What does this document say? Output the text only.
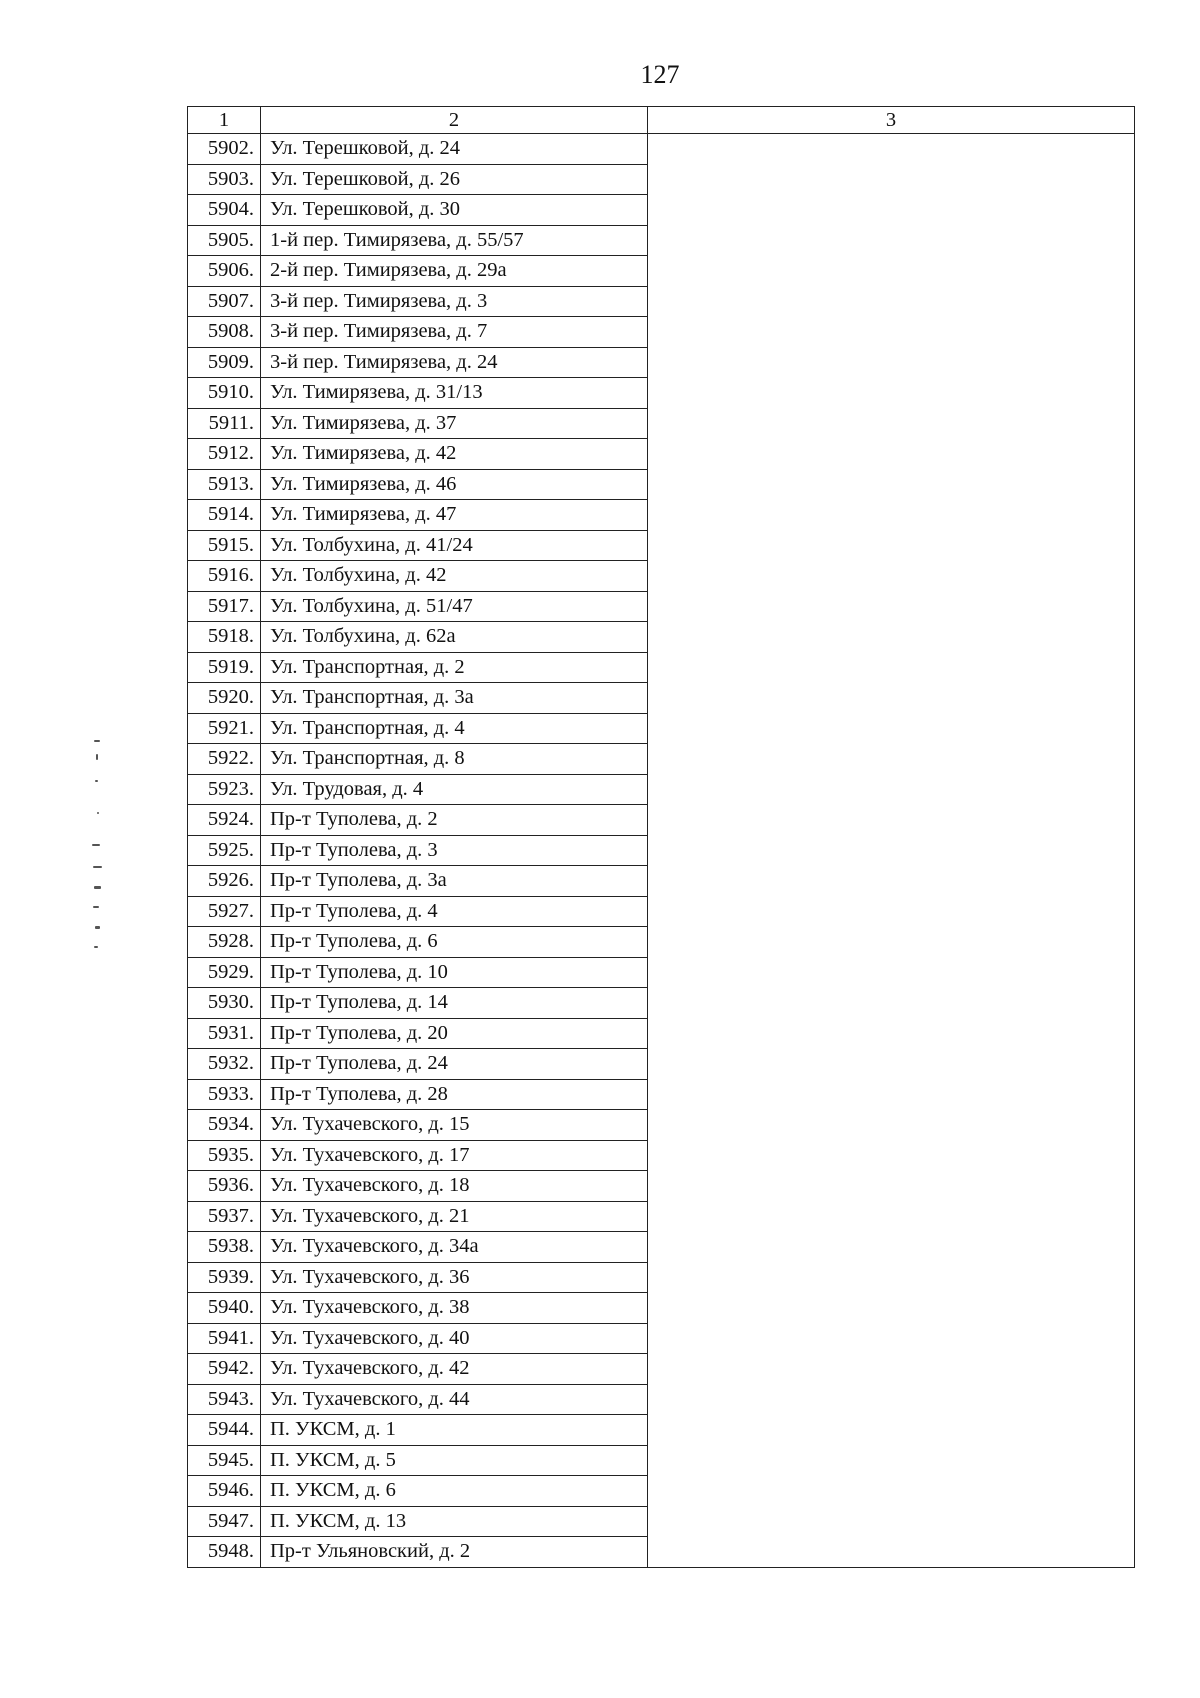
127
1	2	3
5902.	Ул. Терешковой, д. 24	
5903.	Ул. Терешковой, д. 26	
5904.	Ул. Терешковой, д. 30	
5905.	1-й пер. Тимирязева, д. 55/57	
5906.	2-й пер. Тимирязева, д. 29а	
5907.	3-й пер. Тимирязева, д. 3	
5908.	3-й пер. Тимирязева, д. 7	
5909.	3-й пер. Тимирязева, д. 24	
5910.	Ул. Тимирязева, д. 31/13	
5911.	Ул. Тимирязева, д. 37	
5912.	Ул. Тимирязева, д. 42	
5913.	Ул. Тимирязева, д. 46	
5914.	Ул. Тимирязева, д. 47	
5915.	Ул. Толбухина, д. 41/24	
5916.	Ул. Толбухина, д. 42	
5917.	Ул. Толбухина, д. 51/47	
5918.	Ул. Толбухина, д. 62а	
5919.	Ул. Транспортная, д. 2	
5920.	Ул. Транспортная, д. 3а	
5921.	Ул. Транспортная, д. 4	
5922.	Ул. Транспортная, д. 8	
5923.	Ул. Трудовая, д. 4	
5924.	Пр-т Туполева, д. 2	
5925.	Пр-т Туполева, д. 3	
5926.	Пр-т Туполева, д. 3а	
5927.	Пр-т Туполева, д. 4	
5928.	Пр-т Туполева, д. 6	
5929.	Пр-т Туполева, д. 10	
5930.	Пр-т Туполева, д. 14	
5931.	Пр-т Туполева, д. 20	
5932.	Пр-т Туполева, д. 24	
5933.	Пр-т Туполева, д. 28	
5934.	Ул. Тухачевского, д. 15	
5935.	Ул. Тухачевского, д. 17	
5936.	Ул. Тухачевского, д. 18	
5937.	Ул. Тухачевского, д. 21	
5938.	Ул. Тухачевского, д. 34а	
5939.	Ул. Тухачевского, д. 36	
5940.	Ул. Тухачевского, д. 38	
5941.	Ул. Тухачевского, д. 40	
5942.	Ул. Тухачевского, д. 42	
5943.	Ул. Тухачевского, д. 44	
5944.	П. УКСМ, д. 1	
5945.	П. УКСМ, д. 5	
5946.	П. УКСМ, д. 6	
5947.	П. УКСМ, д. 13	
5948.	Пр-т Ульяновский, д. 2	
